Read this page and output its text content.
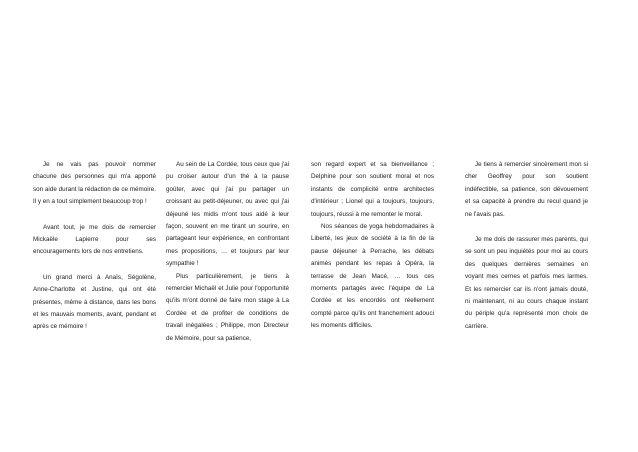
Je ne vais pas pouvoir nommer chacune des personnes qui m'a apporté son aide durant la rédaction de ce mémoire. Il y en a tout simplement beaucoup trop !

Avant tout, je me dois de remercier Mickaële Lapierre pour ses encouragements lors de nos entretiens.

Un grand merci à Anaïs, Ségolène, Anne-Charlotte et Justine, qui ont été présentes, même à distance, dans les bons et les mauvais moments, avant, pendant et après ce mémoire !

Au sein de La Cordée, tous ceux que j'ai pu croiser autour d'un thé à la pause goûter, avec qui j'ai pu partager un croissant au petit-déjeuner, ou avec qui j'ai déjeuné les midis m'ont tous aidé à leur façon, souvent en me tirant un sourire, en partageant leur expérience, en confrontant mes propositions, … et toujours par leur sympathie !

Plus particulièrement, je tiens à remercier Michaël et Julie pour l'opportunité qu'ils m'ont donné de faire mon stage à La Cordée et de profiter de conditions de travail inégalées ; Philippe, mon Directeur de Mémoire, pour sa patience,

son regard expert et sa bienveillance ; Delphine pour son soutient moral et nos instants de complicité entre architectes d'intérieur ; Lionel qui a toujours, toujours, toujours, réussi à me remonter le moral.

Nos séances de yoga hebdomadaires à Liberté, les jeux de société à la fin de la pause déjeuner à Perrache, les débats animés pendant les repas à Opéra, la terrasse de Jean Macé, … tous ces moments partagés avec l'équipe de La Cordée et les encordés ont réellement compté parce qu'ils ont franchement adouci les moments difficiles.

Je tiens à remercier sincèrement mon si cher Geoffrey pour son soutient indéfectible, sa patience, son dévouement et sa capacité à prendre du recul quand je ne l'avais pas.

Je me dois de rassurer mes parents, qui se sont un peu inquiétés pour moi au cours des quelques dernières semaines en voyant mes cernes et parfois mes larmes. Et les remercier car ils n'ont jamais douté, ni maintenant, ni au cours chaque instant du périple qu'a représenté mon choix de carrière.
